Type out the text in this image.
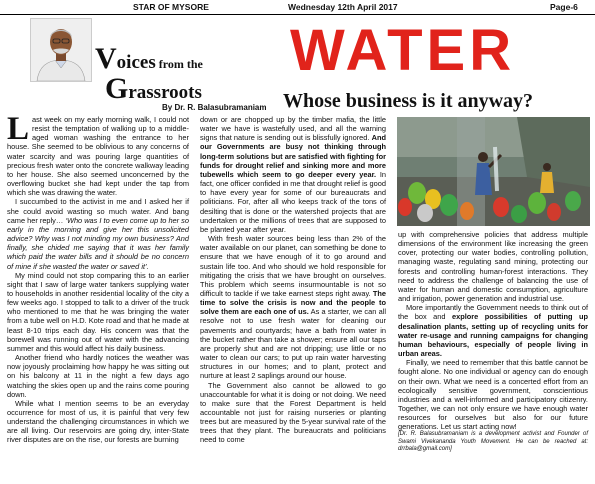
STAR OF MYSORE	Wednesday 12th April 2017	Page-6
Voices from the
Grassroots
By Dr. R. Balasubramaniam
WATER
Whose business is it anyway?

Last week on my early morning walk, I could not resist the temptation of walking up to a middle-aged woman washing the entrance to her house. She seemed to be oblivious to any concerns of water scarcity and was pouring large quantities of precious fresh water onto the concrete walkway leading to her house. She also seemed unconcerned by the overflowing bucket she had kept under the tap from which she was drawing the water.

I succumbed to the activist in me and I asked her if she could avoid wasting so much water. And bang came her reply… ‘Who was I to even come up to her so early in the morning and give her this unsolicited advice? Why was I not minding my own business? And finally, she chided me saying that it was her family which paid the water bills and it should be no concern of mine if she wasted the water or saved it’.

My mind could not stop comparing this to an earlier sight that I saw of large water tankers supplying water to households in another residential locality of the city a few weeks ago. I stopped to talk to a driver of the truck who mentioned to me that he was bringing the water from a tube well on H.D. Kote road and that he made at least 8-10 trips each day. His concern was that the borewell was running out of water with the advancing summer and this would affect his daily business.

Another friend who hardly notices the weather was now joyously proclaiming how happy he was sitting out on his balcony at 11 in the night a few days ago watching the skies open up and the rains come pouring down.

While what I mention seems to be an everyday occurrence for most of us, it is painful that very few understand the challenging circumstances in which we are all living. Our reservoirs are going dry, inter-State river disputes are on the rise, our forests are burning

down or are chopped up by the timber mafia, the little water we have is wastefully used, and all the warning signs that nature is sending out is blissfully ignored. And our Governments are busy not thinking through long-term solutions but are satisfied with fighting for funds for drought relief and sinking more and more tubewells which seem to go deeper every year. In fact, one officer confided in me that drought relief is good to have every year for some of our bureaucrats and politicians. For, after all who keeps track of the tons of desilting that is done or the watershed projects that are undertaken or the millions of trees that are supposed to be planted year after year.

With fresh water sources being less than 2% of the water available on our planet, can something be done to ensure that we have enough of it to go around and sustain life too. And who should we hold responsible for mitigating the crisis that we have brought on ourselves. This problem which seems insurmountable is not so difficult to tackle if we take earnest steps right away. The time to solve the crisis is now and the people to solve them are each one of us. As a starter, we can all resolve not to use fresh water for cleaning our pavements and courtyards; have a bath from water in the bucket rather than take a shower; ensure all our taps are properly shut and are not dripping; use little or no water to clean our cars; to put up rain water harvesting structures in our homes; and to plant, protect and nurture at least 2 saplings around our house.

The Government also cannot be allowed to go unaccountable for what it is doing or not doing. We need to make sure that the Forest Department is held accountable not just for raising nurseries or planting trees but are measured by the 5-year survival rate of the trees that they plant. The bureaucrats and politicians need to come

up with comprehensive policies that address multiple dimensions of the environment like increasing the green cover, protecting our water bodies, controlling pollution, managing waste, regulating sand mining, protecting our forests and controlling human-forest interactions. They need to address the challenge of balancing the use of water for human and domestic consumption, agriculture and irrigation, power generation and industrial use.

More importantly the Government needs to think out of the box and explore possibilities of putting up desalination plants, setting up of recycling units for water re-usage and running campaigns for changing human behaviours, especially of people living in urban areas.

Finally, we need to remember that this battle cannot be fought alone. No one individual or agency can do enough on their own. What we need is a concerted effort from an ecologically sensitive government, conscientious industries and a well-informed and participatory citizenry. Together, we can not only ensure we have enough water resources for ourselves but also for our future generations. Let us start acting now!

[Dr. R. Balasubramaniam is a development activist and Founder of Swami Vivekananda Youth Movement. He can be reached at: drrbala@gmail.com]
